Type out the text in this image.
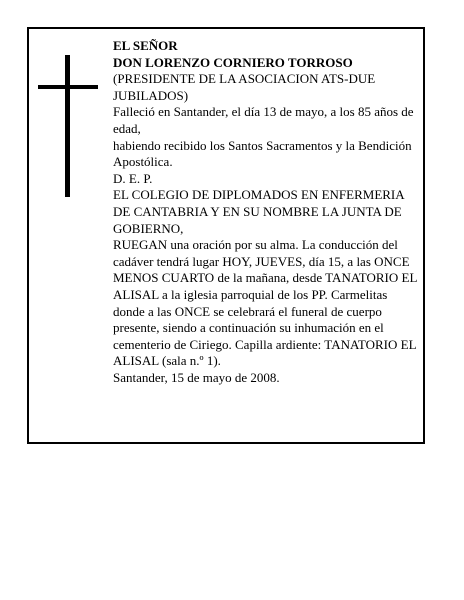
EL SEÑOR
DON LORENZO CORNIERO TORROSO
(PRESIDENTE DE LA ASOCIACION ATS-DUE JUBILADOS)
Falleció en Santander, el día 13 de mayo, a los 85 años de edad,
habiendo recibido los Santos Sacramentos y la Bendición Apostólica.
D. E. P.
EL COLEGIO DE DIPLOMADOS EN ENFERMERIA DE CANTABRIA Y EN SU NOMBRE LA JUNTA DE GOBIERNO,
RUEGAN una oración por su alma. La conducción del cadáver tendrá lugar HOY, JUEVES, día 15, a las ONCE MENOS CUARTO de la mañana, desde TANATORIO EL ALISAL a la iglesia parroquial de los PP. Carmelitas donde a las ONCE se celebrará el funeral de cuerpo presente, siendo a continuación su inhumación en el cementerio de Ciriego. Capilla ardiente: TANATORIO EL ALISAL (sala n.º 1).
Santander, 15 de mayo de 2008.
